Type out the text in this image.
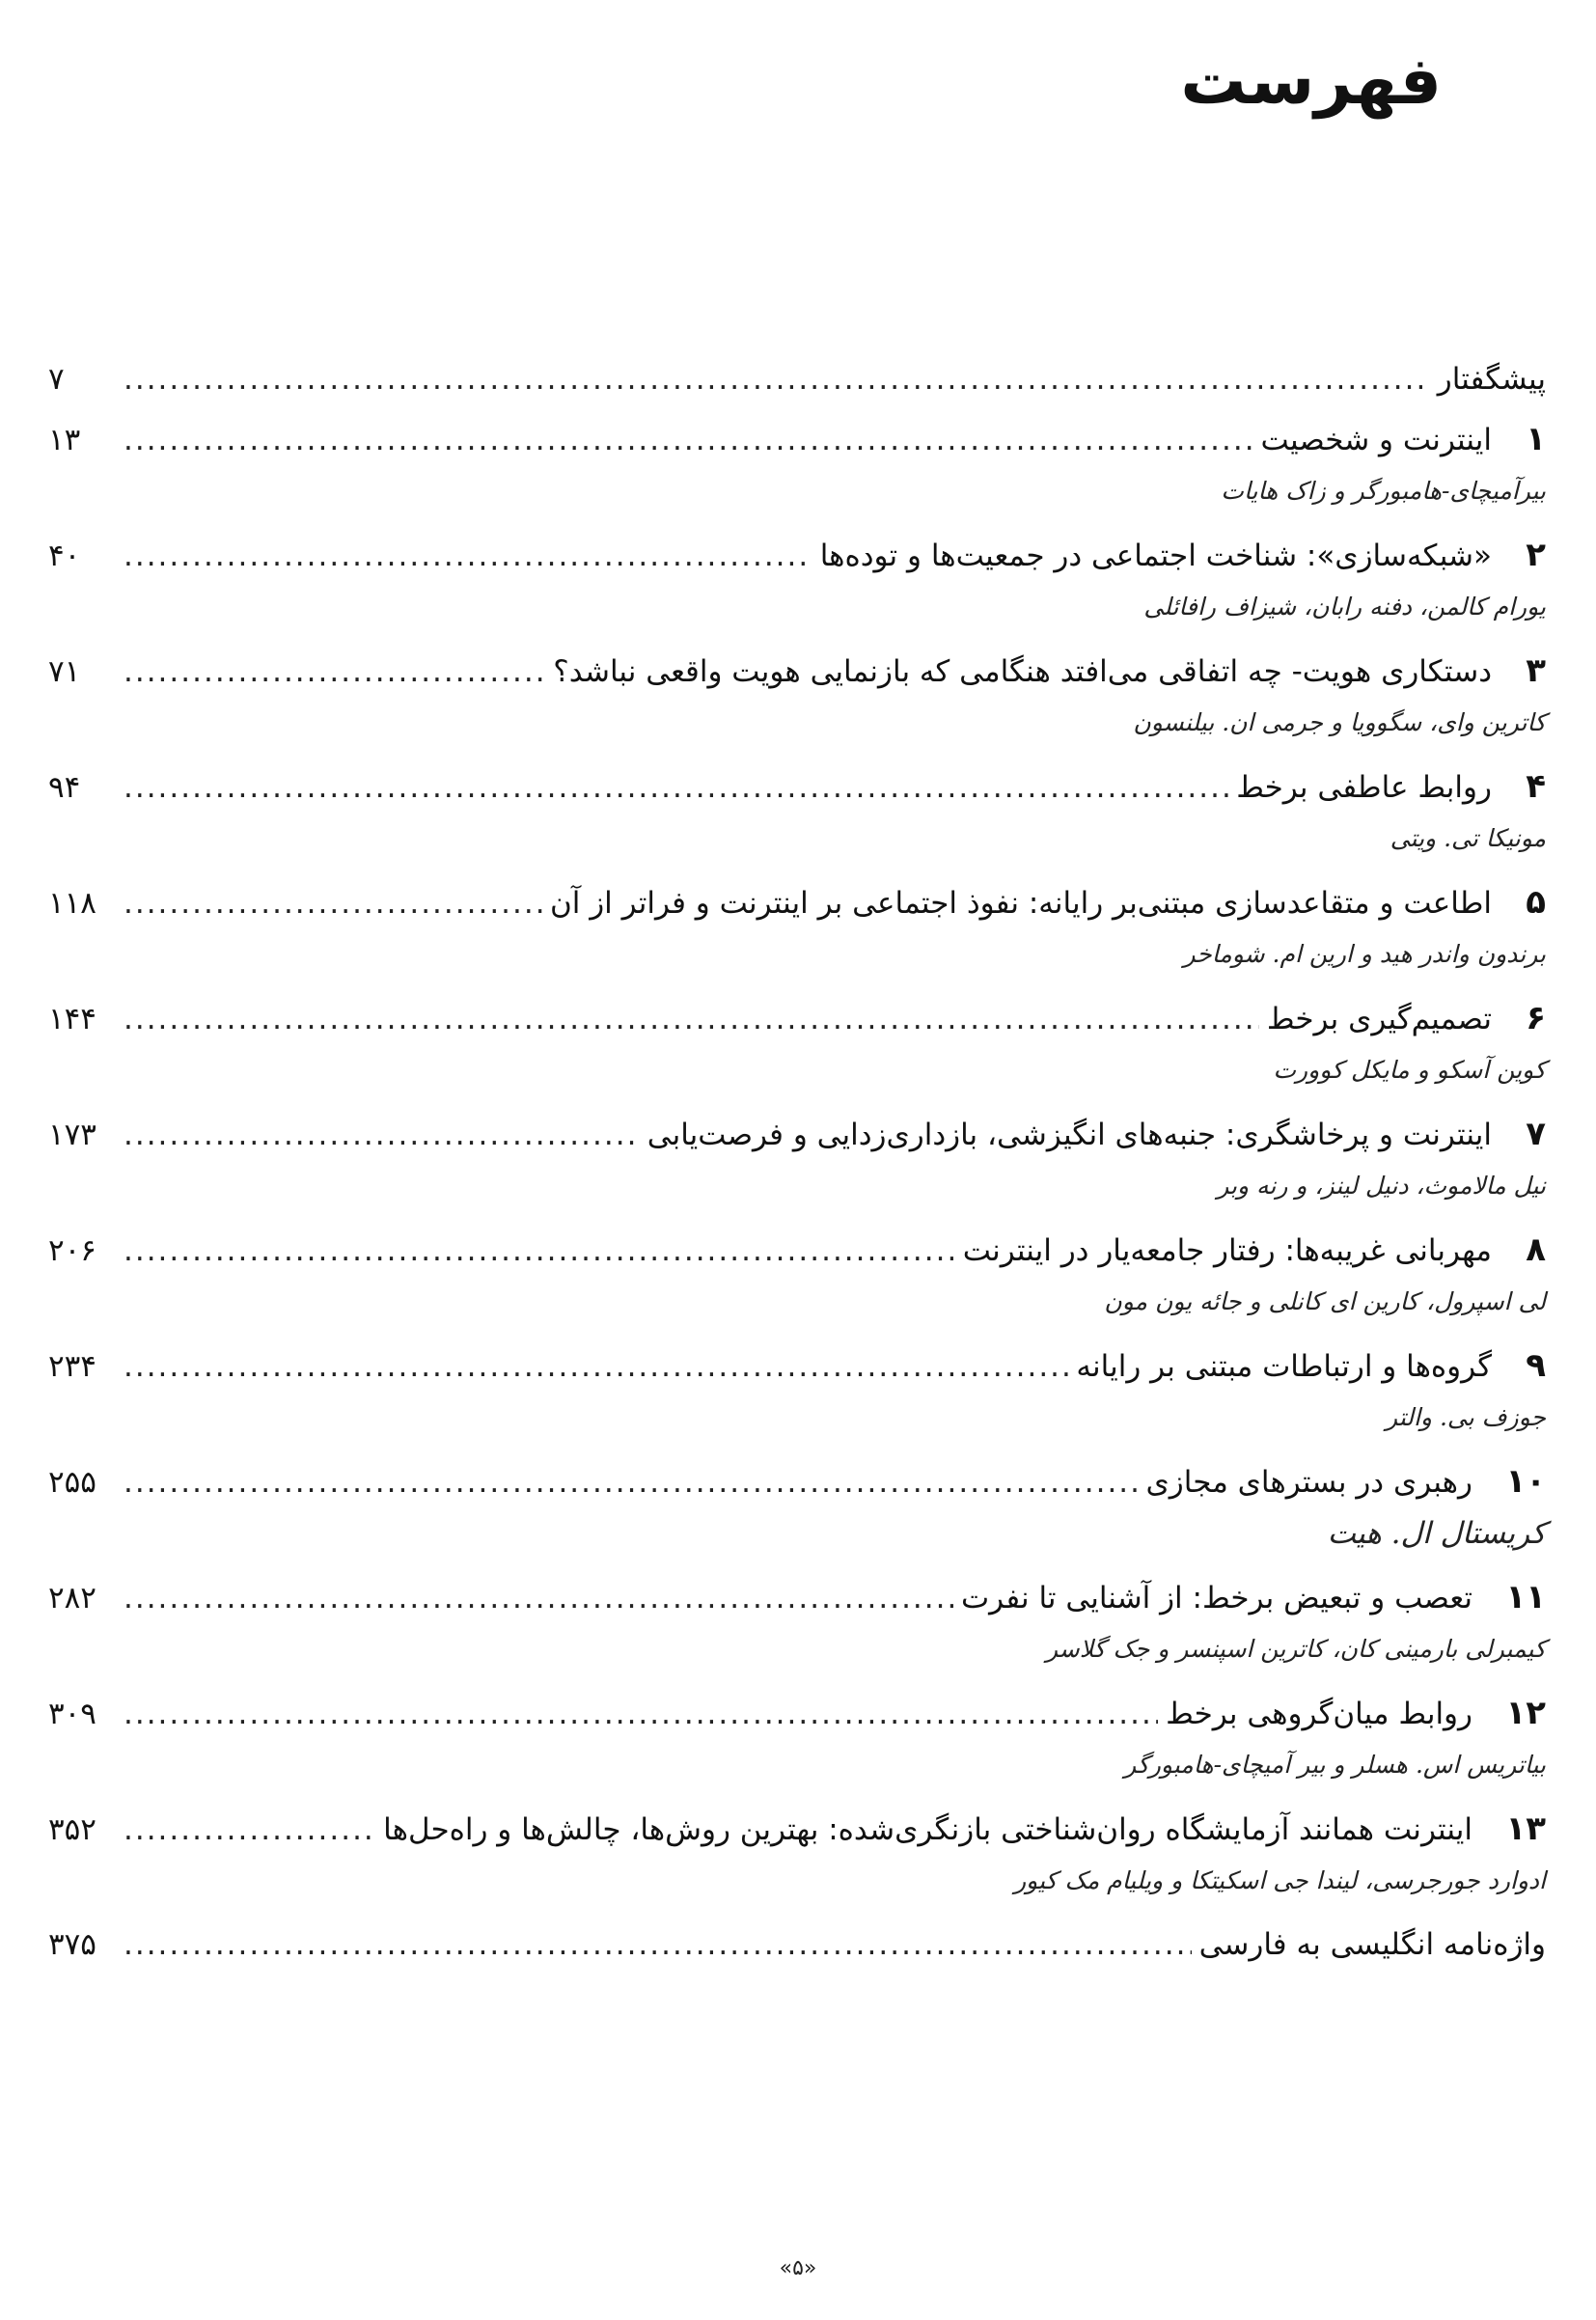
فهرست
پیشگفتار
.....
۷
۱
اینترنت و شخصیت
.....
۱۳
بیرآمیچای-هامبورگر و زاک هایات
۲
«شبکه‌سازی»: شناخت اجتماعی در جمعیت‌ها و توده‌ها
.....
۴۰
یورام کالمن، دفنه رابان، شیزاف رافائلی
۳
دستکاری هویت- چه اتفاقی می‌افتد هنگامی که بازنمایی هویت واقعی نباشد؟
.....
۷۱
کاترین وای، سگوویا و جرمی ان. بیلنسون
۴
روابط عاطفی برخط
.....
۹۴
مونیکا تی. ویتی
۵
اطاعت و متقاعدسازی مبتنی‌بر رایانه: نفوذ اجتماعی بر اینترنت و فراتر از آن
.....
۱۱۸
برندون واندر هید و ارین ام. شوماخر
۶
تصمیم‌گیری برخط
.....
۱۴۴
کوین آسکو و مایکل کوورت
۷
اینترنت و پرخاشگری: جنبه‌های انگیزشی، بازداری‌زدایی و فرصت‌یابی
.....
۱۷۳
نیل مالاموث، دنیل لینز، و رنه وبر
۸
مهربانی غریبه‌ها: رفتار جامعه‌یار در اینترنت
.....
۲۰۶
لی اسپرول، کارین ای کانلی و جائه یون مون
۹
گروه‌ها و ارتباطات مبتنی بر رایانه
.....
۲۳۴
جوزف بی. والتر
۱۰
رهبری در بسترهای مجازی
.....
۲۵۵
کریستال ال. هیت
۱۱
تعصب و تبعیض برخط: از آشنایی تا نفرت
.....
۲۸۲
کیمبرلی بارمینی کان، کاترین اسپنسر و جک گلاسر
۱۲
روابط میان‌گروهی برخط
.....
۳۰۹
بیاتریس اس. هسلر و بیر آمیچای-هامبورگر
۱۳
اینترنت همانند آزمایشگاه روان‌شناختی بازنگری‌شده: بهترین روش‌ها، چالش‌ها و راه‌حل‌ها
.....
۳۵۲
ادوارد جورجرسی، لیندا جی اسکیتکا و ویلیام مک کیور
واژه‌نامه انگلیسی به فارسی
.....
۳۷۵
«۵»
